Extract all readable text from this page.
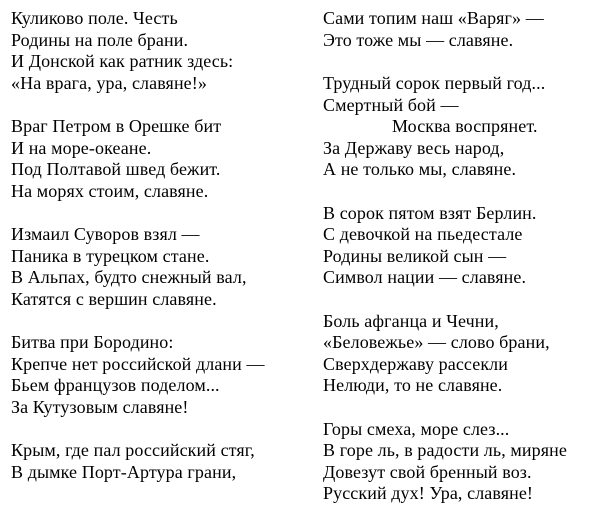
Куликово поле. Честь
Родины на поле брани.
И Донской как ратник здесь:
«На врага, ура, славяне!»
Враг Петром в Орешке бит
И на море-океане.
Под Полтавой швед бежит.
На морях стоим, славяне.
Измаил Суворов взял —
Паника в турецком стане.
В Альпах, будто снежный вал,
Катятся с вершин славяне.
Битва при Бородино:
Крепче нет российской длани —
Бьем французов поделом...
За Кутузовым славяне!
Крым, где пал российский стяг,
В дымке Порт-Артура грани,
Сами топим наш «Варяг» —
Это тоже мы — славяне.
Трудный сорок первый год...
Смертный бой —
Москва воспрянет.
За Державу весь народ,
А не только мы, славяне.
В сорок пятом взят Берлин.
С девочкой на пьедестале
Родины великой сын —
Символ нации — славяне.
Боль афганца и Чечни,
«Беловежье» — слово брани,
Сверхдержаву рассекли
Нелюди, то не славяне.
Горы смеха, море слез...
В горе ль, в радости ль, миряне
Довезут свой бренный воз.
Русский дух! Ура, славяне!
